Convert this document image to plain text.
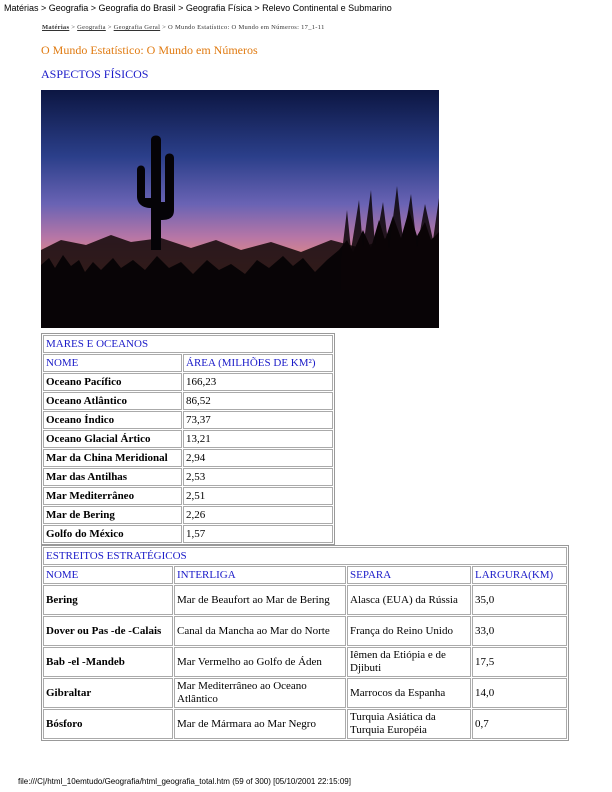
Matérias > Geografia > Geografia do Brasil > Geografia Física > Relevo Continental e Submarino
Matérias > Geografia > Geografia Geral > O Mundo Estatístico: O Mundo em Números: 17_1-11
O Mundo Estatístico: O Mundo em Números
ASPECTOS FÍSICOS
MARES E OCEANOS	
NOME	ÁREA (MILHÕES DE KM²)
Oceano Pacífico	166,23
Oceano Atlântico	86,52
Oceano Índico	73,37
Oceano Glacial Ártico	13,21
Mar da China Meridional	2,94
Mar das Antilhas	2,53
Mar Mediterrâneo	2,51
Mar de Bering	2,26
Golfo do México	1,57
ESTREITOS ESTRATÉGICOS			
NOME	INTERLIGA	SEPARA	LARGURA(KM)
Bering	Mar de Beaufort ao Mar de Bering	Alasca (EUA) da Rússia	35,0
Dover ou Pas -de -Calais	Canal da Mancha ao Mar do Norte	França do Reino Unido	33,0
Bab -el -Mandeb	Mar Vermelho ao Golfo de Áden	Iêmen da Etiópia e de Djibuti	17,5
Gibraltar	Mar Mediterrâneo ao Oceano Atlântico	Marrocos da Espanha	14,0
Bósforo	Mar de Mármara ao Mar Negro	Turquia Asiática da Turquia Européia	0,7
file:///C|/html_10emtudo/Geografia/html_geografia_total.htm (59 of 300) [05/10/2001 22:15:09]
